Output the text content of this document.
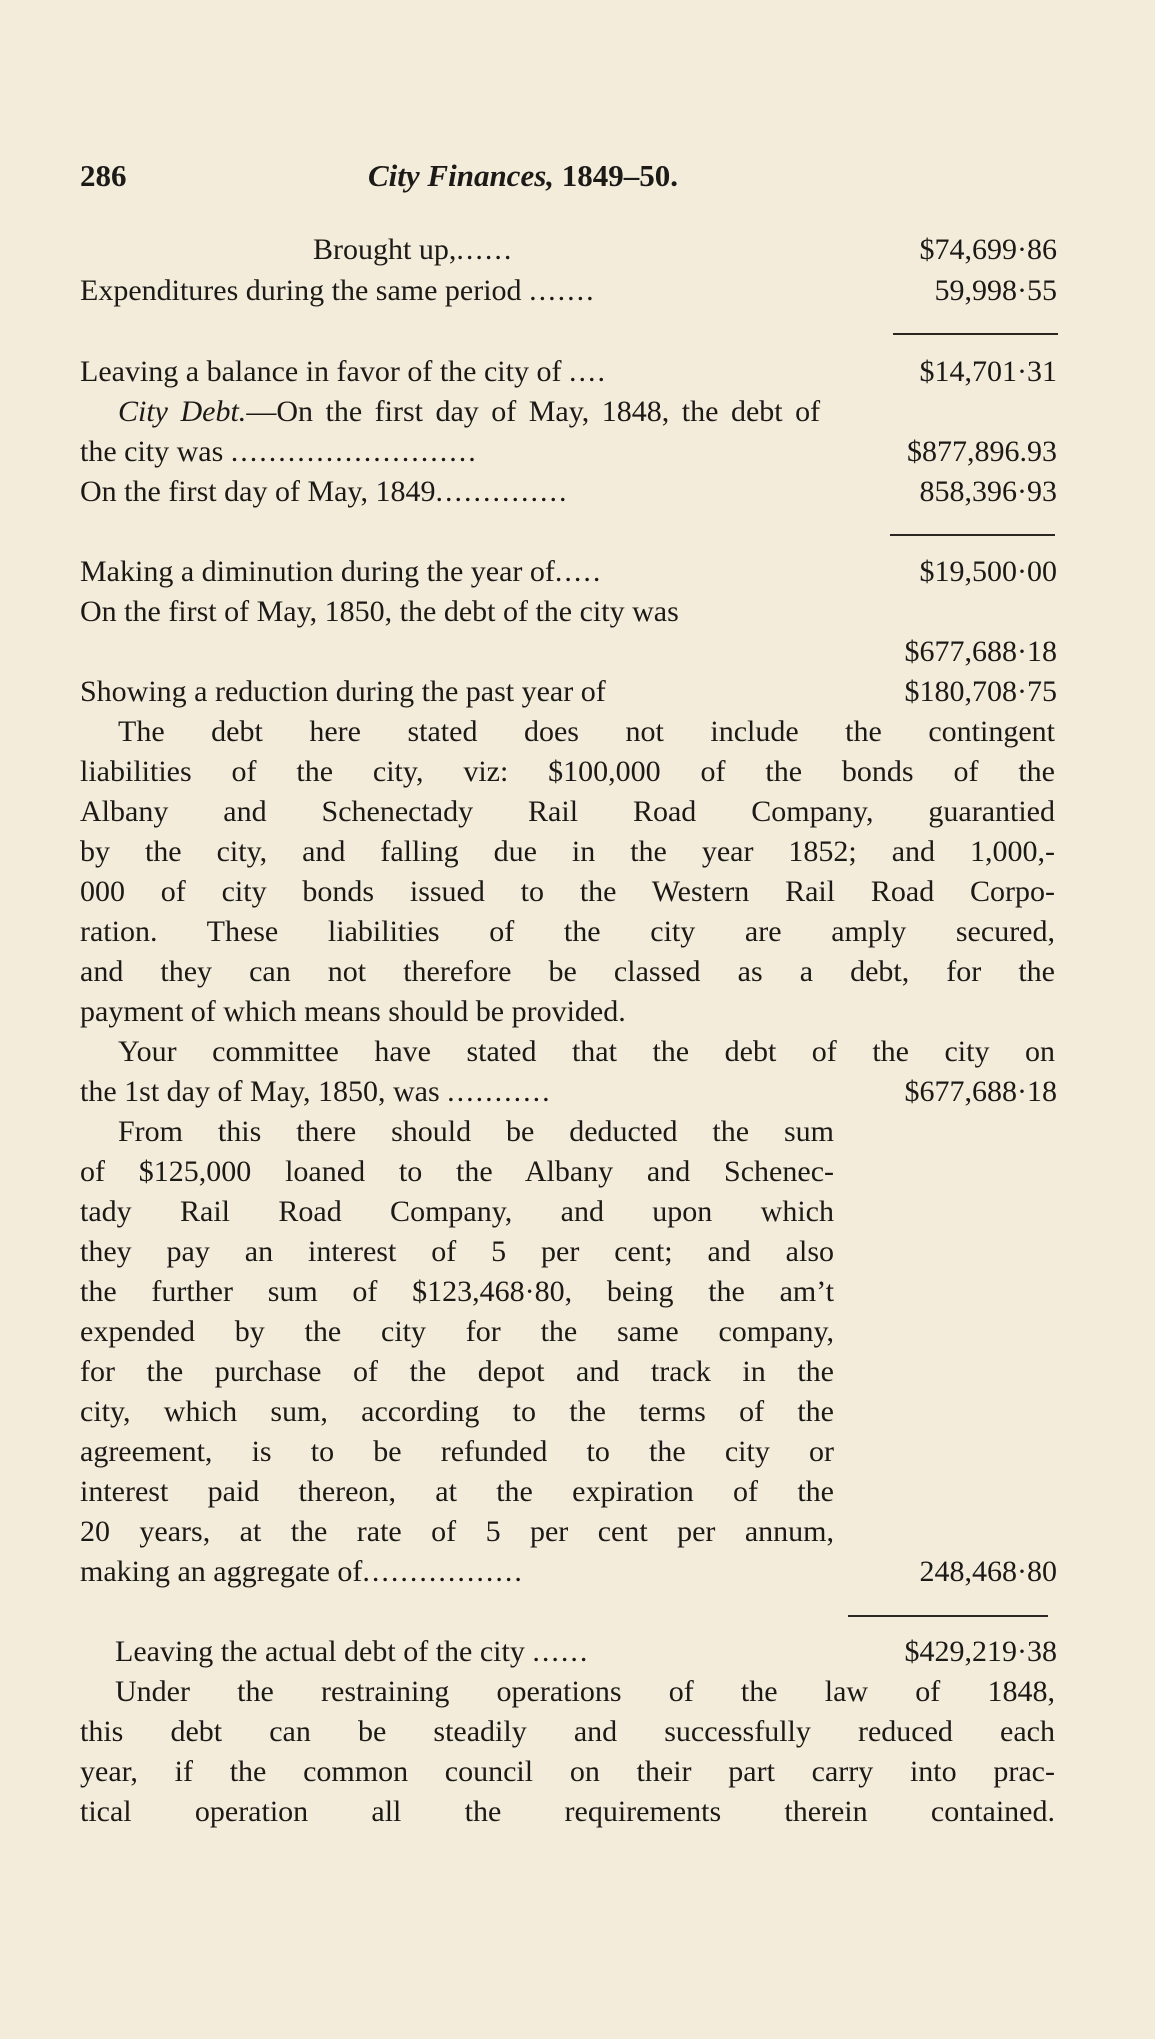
286	City Finances, 1849–50.
Brought up,......	$74,699·86
Expenditures during the same period .......	59,998·55
Leaving a balance in favor of the city of ....	$14,701·31
City Debt.—On the first day of May, 1848, the debt of
the city was ..........................	$877,896.93
On the first day of May, 1849..............	858,396·93
Making a diminution during the year of.....	$19,500·00
On the first of May, 1850, the debt of the city was
$677,688·18
Showing a reduction during the past year of	$180,708·75
The debt here stated does not include the contingent
liabilities of the city, viz: $100,000 of the bonds of the
Albany and Schenectady Rail Road Company, guarantied
by the city, and falling due in the year 1852; and 1,000,-
000 of city bonds issued to the Western Rail Road Corpo-
ration. These liabilities of the city are amply secured,
and they can not therefore be classed as a debt, for the
payment of which means should be provided.
Your committee have stated that the debt of the city on
the 1st day of May, 1850, was ...........	$677,688·18
From this there should be deducted the sum
of $125,000 loaned to the Albany and Schenec-
tady Rail Road Company, and upon which
they pay an interest of 5 per cent; and also
the further sum of $123,468·80, being the am’t
expended by the city for the same company,
for the purchase of the depot and track in the
city, which sum, according to the terms of the
agreement, is to be refunded to the city or
interest paid thereon, at the expiration of the
20 years, at the rate of 5 per cent per annum,
making an aggregate of.................	248,468·80
Leaving the actual debt of the city ......	$429,219·38
Under the restraining operations of the law of 1848,
this debt can be steadily and successfully reduced each
year, if the common council on their part carry into prac-
tical operation all the requirements therein contained.
